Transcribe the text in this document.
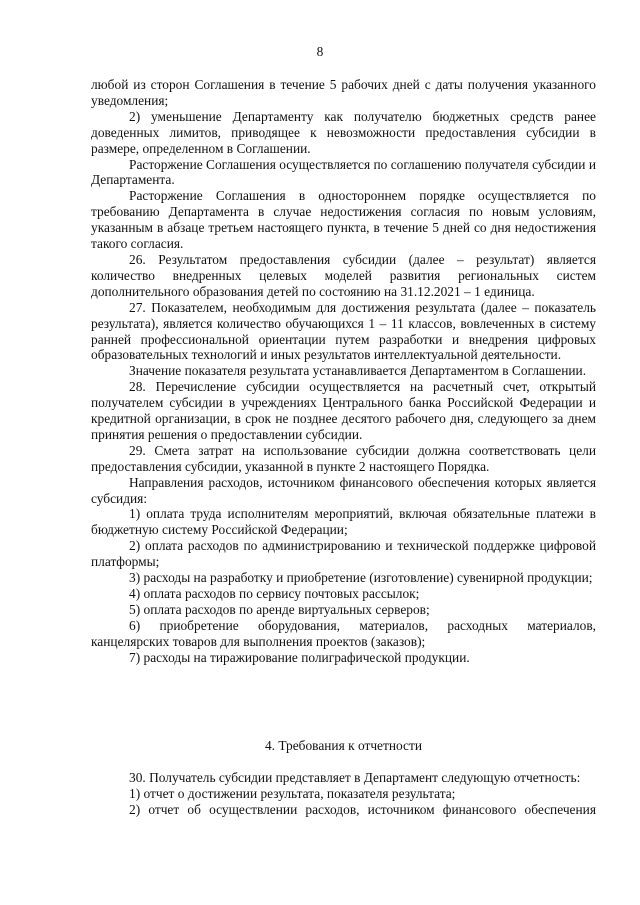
8

любой из сторон Соглашения в течение 5 рабочих дней с даты получения указанного уведомления;

2) уменьшение Департаменту как получателю бюджетных средств ранее доведенных лимитов, приводящее к невозможности предоставления субсидии в размере, определенном в Соглашении.

Расторжение Соглашения осуществляется по соглашению получателя субсидии и Департамента.

Расторжение Соглашения в одностороннем порядке осуществляется по требованию Департамента в случае недостижения согласия по новым условиям, указанным в абзаце третьем настоящего пункта, в течение 5 дней со дня недостижения такого согласия.

26. Результатом предоставления субсидии (далее – результат) является количество внедренных целевых моделей развития региональных систем дополнительного образования детей по состоянию на 31.12.2021 – 1 единица.

27. Показателем, необходимым для достижения результата (далее – показатель результата), является количество обучающихся 1 – 11 классов, вовлеченных в систему ранней профессиональной ориентации путем разработки и внедрения цифровых образовательных технологий и иных результатов интеллектуальной деятельности.

Значение показателя результата устанавливается Департаментом в Соглашении.

28. Перечисление субсидии осуществляется на расчетный счет, открытый получателем субсидии в учреждениях Центрального банка Российской Федерации и кредитной организации, в срок не позднее десятого рабочего дня, следующего за днем принятия решения о предоставлении субсидии.

29. Смета затрат на использование субсидии должна соответствовать цели предоставления субсидии, указанной в пункте 2 настоящего Порядка.

Направления расходов, источником финансового обеспечения которых является субсидия:

1) оплата труда исполнителям мероприятий, включая обязательные платежи в бюджетную систему Российской Федерации;

2) оплата расходов по администрированию и технической поддержке цифровой платформы;

3) расходы на разработку и приобретение (изготовление) сувенирной продукции;

4) оплата расходов по сервису почтовых рассылок;

5) оплата расходов по аренде виртуальных серверов;

6) приобретение оборудования, материалов, расходных материалов, канцелярских товаров для выполнения проектов (заказов);

7) расходы на тиражирование полиграфической продукции.

4. Требования к отчетности

30. Получатель субсидии представляет в Департамент следующую отчетность:

1) отчет о достижении результата, показателя результата;

2) отчет об осуществлении расходов, источником финансового обеспечения
